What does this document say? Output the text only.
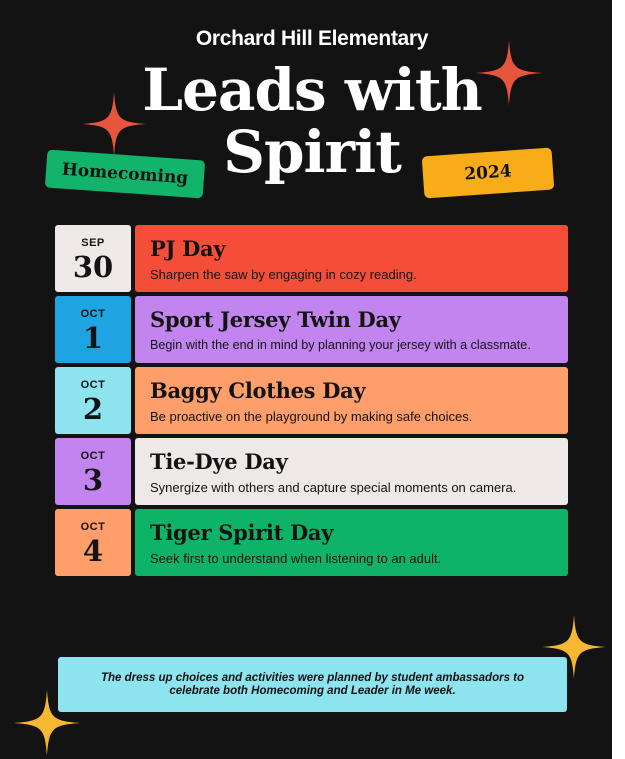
Orchard Hill Elementary
Leads with
Spirit
Homecoming	2024
SEP
30
PJ Day
Sharpen the saw by engaging in cozy reading.
OCT
1
Sport Jersey Twin Day
Begin with the end in mind by planning your jersey with a classmate.
OCT
2
Baggy Clothes Day
Be proactive on the playground by making safe choices.
OCT
3
Tie-Dye Day
Synergize with others and capture special moments on camera.
OCT
4
Tiger Spirit Day
Seek first to understand when listening to an adult.
The dress up choices and activities were planned by student ambassadors to celebrate both Homecoming and Leader in Me week.
